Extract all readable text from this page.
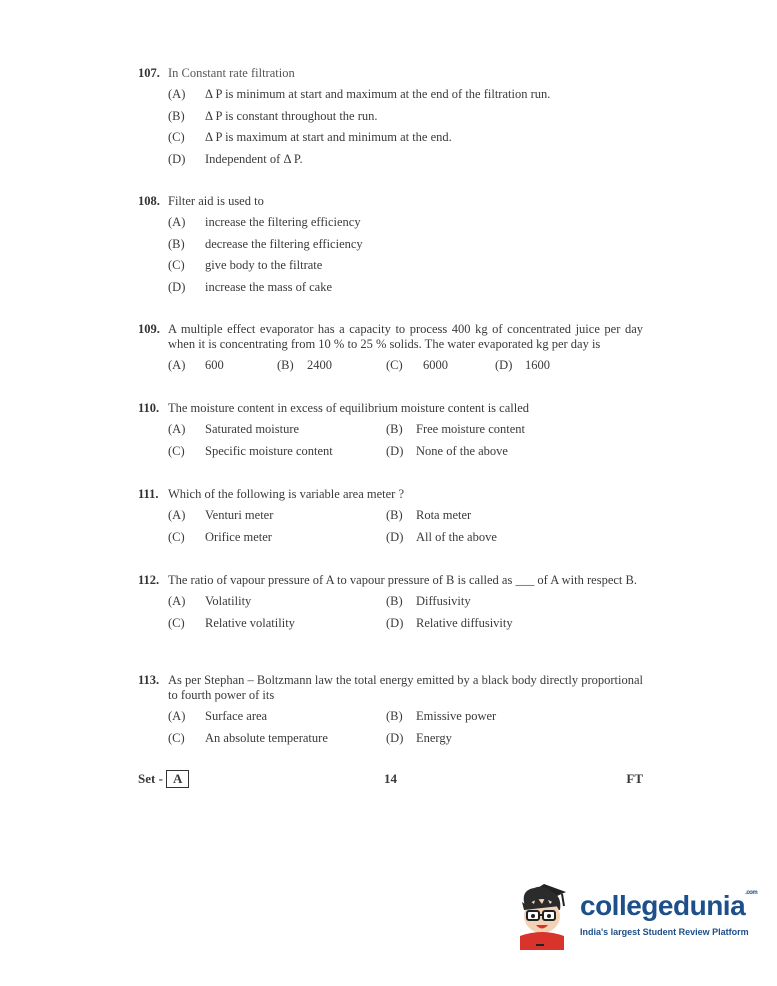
107. In Constant rate filtration
(A)	Δ P is minimum at start and maximum at the end of the filtration run.
(B)	Δ P is constant throughout the run.
(C)	Δ P is maximum at start and minimum at the end.
(D)	Independent of Δ P.
108. Filter aid is used to
(A)	increase the filtering efficiency
(B)	decrease the filtering efficiency
(C)	give body to the filtrate
(D)	increase the mass of cake
109. A multiple effect evaporator has a capacity to process 400 kg of concentrated juice per day when it is concentrating from 10 % to 25 % solids. The water evaporated kg per day is
(A)	600	(B)	2400	(C)	6000	(D)	1600
110. The moisture content in excess of equilibrium moisture content is called
(A)	Saturated moisture	(B)	Free moisture content
(C)	Specific moisture content	(D)	None of the above
111. Which of the following is variable area meter ?
(A)	Venturi meter	(B)	Rota meter
(C)	Orifice meter	(D)	All of the above
112. The ratio of vapour pressure of A to vapour pressure of B is called as ___ of A with respect B.
(A)	Volatility	(B)	Diffusivity
(C)	Relative volatility	(D)	Relative diffusivity
113. As per Stephan – Boltzmann law the total energy emitted by a black body directly proportional to fourth power of its
(A)	Surface area	(B)	Emissive power
(C)	An absolute temperature	(D)	Energy
Set - A	14	FT
collegedunia$^{.com}$
India's largest Student Review Platform
